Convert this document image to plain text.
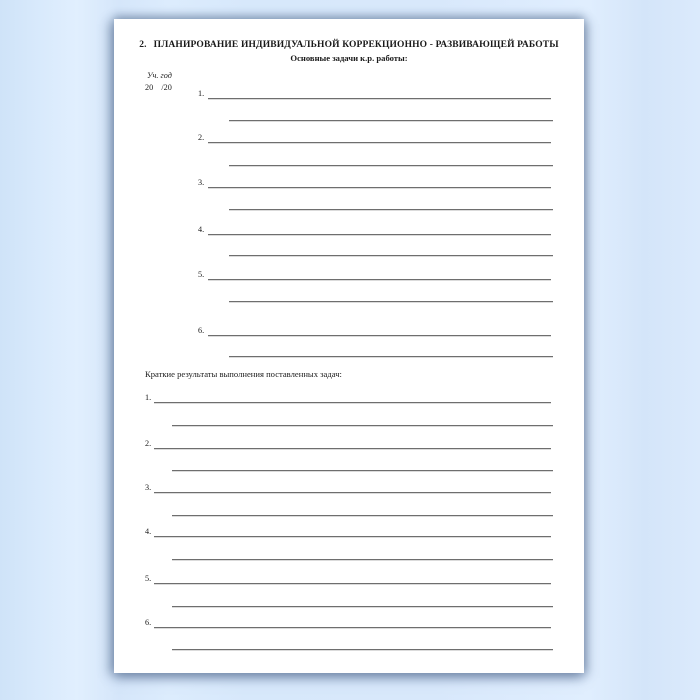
2. ПЛАНИРОВАНИЕ ИНДИВИДУАЛЬНОЙ КОРРЕКЦИОННО - РАЗВИВАЮЩЕЙ РАБОТЫ
Основные задачи к.р. работы:
Уч. год
20    /20
1.
2.
3.
4.
5.
6.
Краткие результаты выполнения поставленных задач:
1.
2.
3.
4.
5.
6.
